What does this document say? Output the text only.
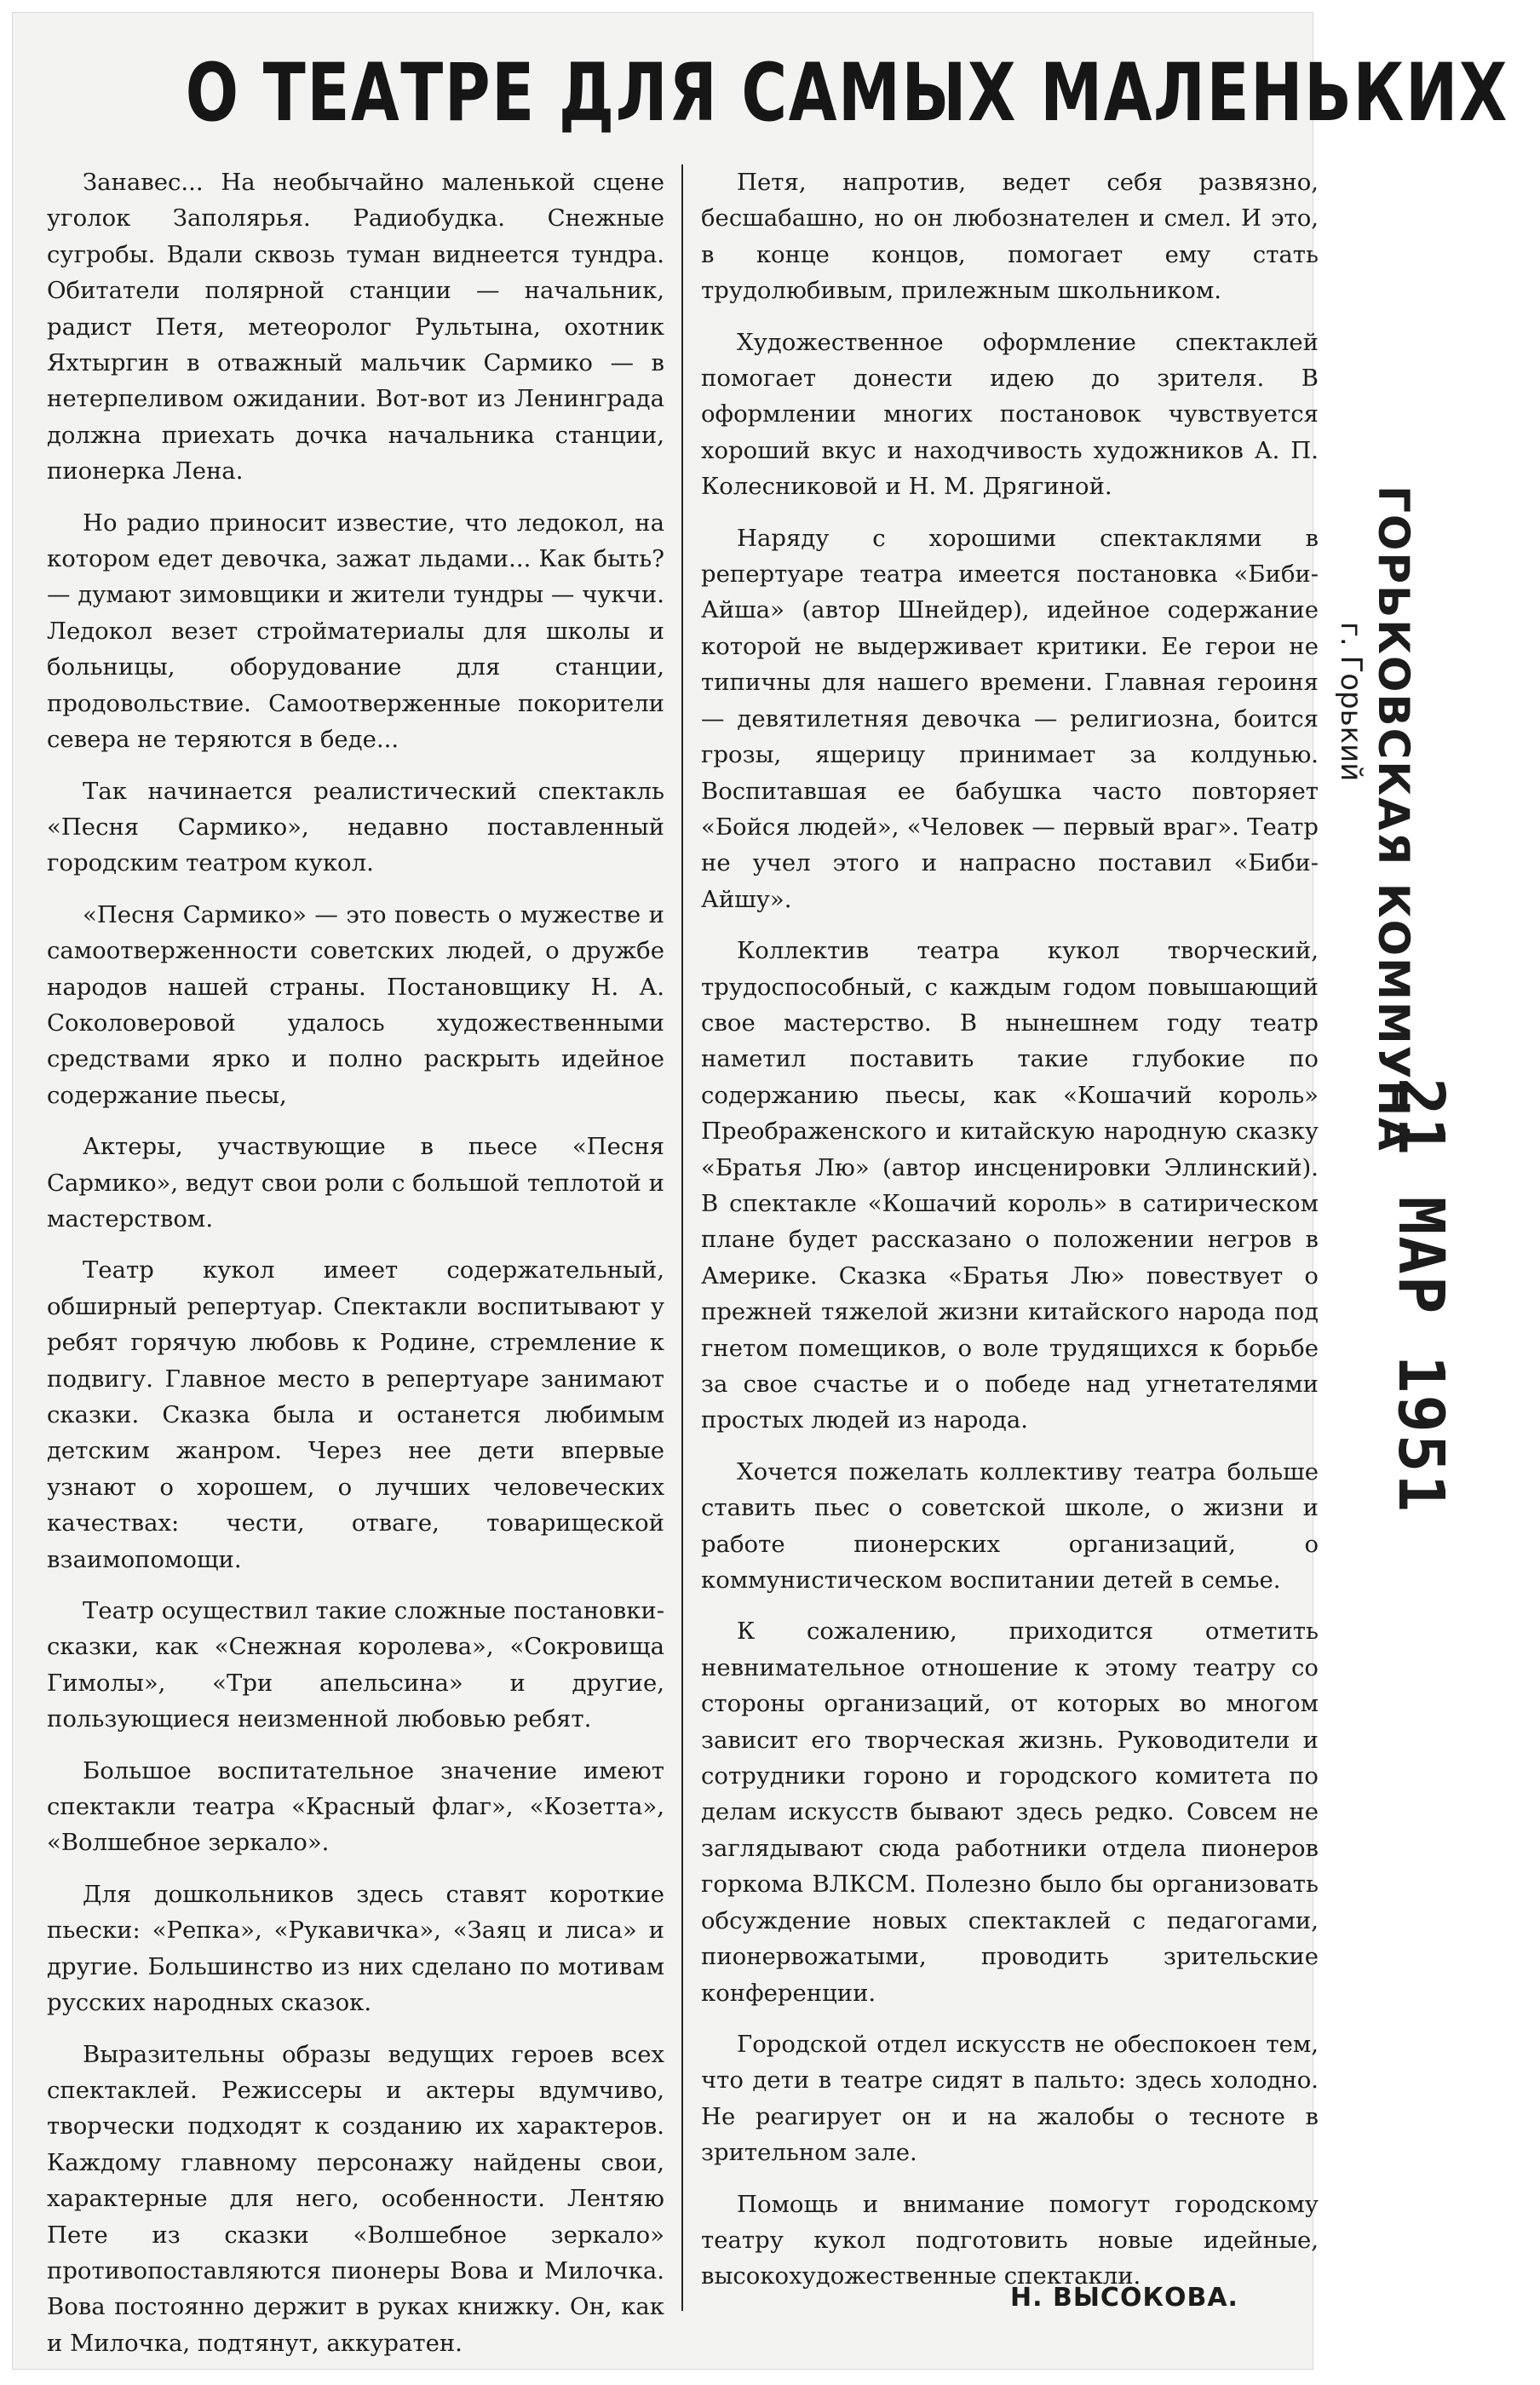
О ТЕАТРЕ ДЛЯ САМЫХ МАЛЕНЬКИХ

Занавес... На необычайно маленькой сцене уголок Заполярья. Радиобудка. Снежные сугробы. Вдали сквозь туман виднеется тундра. Обитатели полярной станции — начальник, радист Петя, метеоролог Рультына, охотник Яхтыргин в отважный мальчик Сармико — в нетерпеливом ожидании. Вот-вот из Ленинграда должна приехать дочка начальника станции, пионерка Лена.

Но радио приносит известие, что ледокол, на котором едет девочка, зажат льдами... Как быть? — думают зимовщики и жители тундры — чукчи. Ледокол везет стройматериалы для школы и больницы, оборудование для станции, продовольствие. Самоотверженные покорители севера не теряются в беде...

Так начинается реалистический спектакль «Песня Сармико», недавно поставленный городским театром кукол.

«Песня Сармико» — это повесть о мужестве и самоотверженности советских людей, о дружбе народов нашей страны. Постановщику Н. А. Соколоверовой удалось художественными средствами ярко и полно раскрыть идейное содержание пьесы,

Актеры, участвующие в пьесе «Песня Сармико», ведут свои роли с большой теплотой и мастерством.

Театр кукол имеет содержательный, обширный репертуар. Спектакли воспитывают у ребят горячую любовь к Родине, стремление к подвигу. Главное место в репертуаре занимают сказки. Сказка была и останется любимым детским жанром. Через нее дети впервые узнают о хорошем, о лучших человеческих качествах: чести, отваге, товарищеской взаимопомощи.

Театр осуществил такие сложные постановки-сказки, как «Снежная королева», «Сокровища Гимолы», «Три апельсина» и другие, пользующиеся неизменной любовью ребят.

Большое воспитательное значение имеют спектакли театра «Красный флаг», «Козетта», «Волшебное зеркало».

Для дошкольников здесь ставят короткие пьески: «Репка», «Рукавичка», «Заяц и лиса» и другие. Большинство из них сделано по мотивам русских народных сказок.

Выразительны образы ведущих героев всех спектаклей. Режиссеры и актеры вдумчиво, творчески подходят к созданию их характеров. Каждому главному персонажу найдены свои, характерные для него, особенности. Лентяю Пете из сказки «Волшебное зеркало» противопоставляются пионеры Вова и Милочка. Вова постоянно держит в руках книжку. Он, как и Милочка, подтянут, аккуратен.

Петя, напротив, ведет себя развязно, бесшабашно, но он любознателен и смел. И это, в конце концов, помогает ему стать трудолюбивым, прилежным школьником.

Художественное оформление спектаклей помогает донести идею до зрителя. В оформлении многих постановок чувствуется хороший вкус и находчивость художников А. П. Колесниковой и Н. М. Дрягиной.

Наряду с хорошими спектаклями в репертуаре театра имеется постановка «Биби-Айша» (автор Шнейдер), идейное содержание которой не выдерживает критики. Ее герои не типичны для нашего времени. Главная героиня — девятилетняя девочка — религиозна, боится грозы, ящерицу принимает за колдунью. Воспитавшая ее бабушка часто повторяет «Бойся людей», «Человек — первый враг». Театр не учел этого и напрасно поставил «Биби-Айшу».

Коллектив театра кукол творческий, трудоспособный, с каждым годом повышающий свое мастерство. В нынешнем году театр наметил поставить такие глубокие по содержанию пьесы, как «Кошачий король» Преображенского и китайскую народную сказку «Братья Лю» (автор инсценировки Эллинский). В спектакле «Кошачий король» в сатирическом плане будет рассказано о положении негров в Америке. Сказка «Братья Лю» повествует о прежней тяжелой жизни китайского народа под гнетом помещиков, о воле трудящихся к борьбе за свое счастье и о победе над угнетателями простых людей из народа.

Хочется пожелать коллективу театра больше ставить пьес о советской школе, о жизни и работе пионерских организаций, о коммунистическом воспитании детей в семье.

К сожалению, приходится отметить невнимательное отношение к этому театру со стороны организаций, от которых во многом зависит его творческая жизнь. Руководители и сотрудники гороно и городского комитета по делам искусств бывают здесь редко. Совсем не заглядывают сюда работники отдела пионеров горкома ВЛКСМ. Полезно было бы организовать обсуждение новых спектаклей с педагогами, пионервожатыми, проводить зрительские конференции.

Городской отдел искусств не обеспокоен тем, что дети в театре сидят в пальто: здесь холодно. Не реагирует он и на жалобы о тесноте в зрительном зале.

Помощь и внимание помогут городскому театру кукол подготовить новые идейные, высокохудожественные спектакли.

Н. ВЫСОКОВА.
ГОРЬКОВСКАЯ КОММУНА
г. Горький
21 МАР 1951
